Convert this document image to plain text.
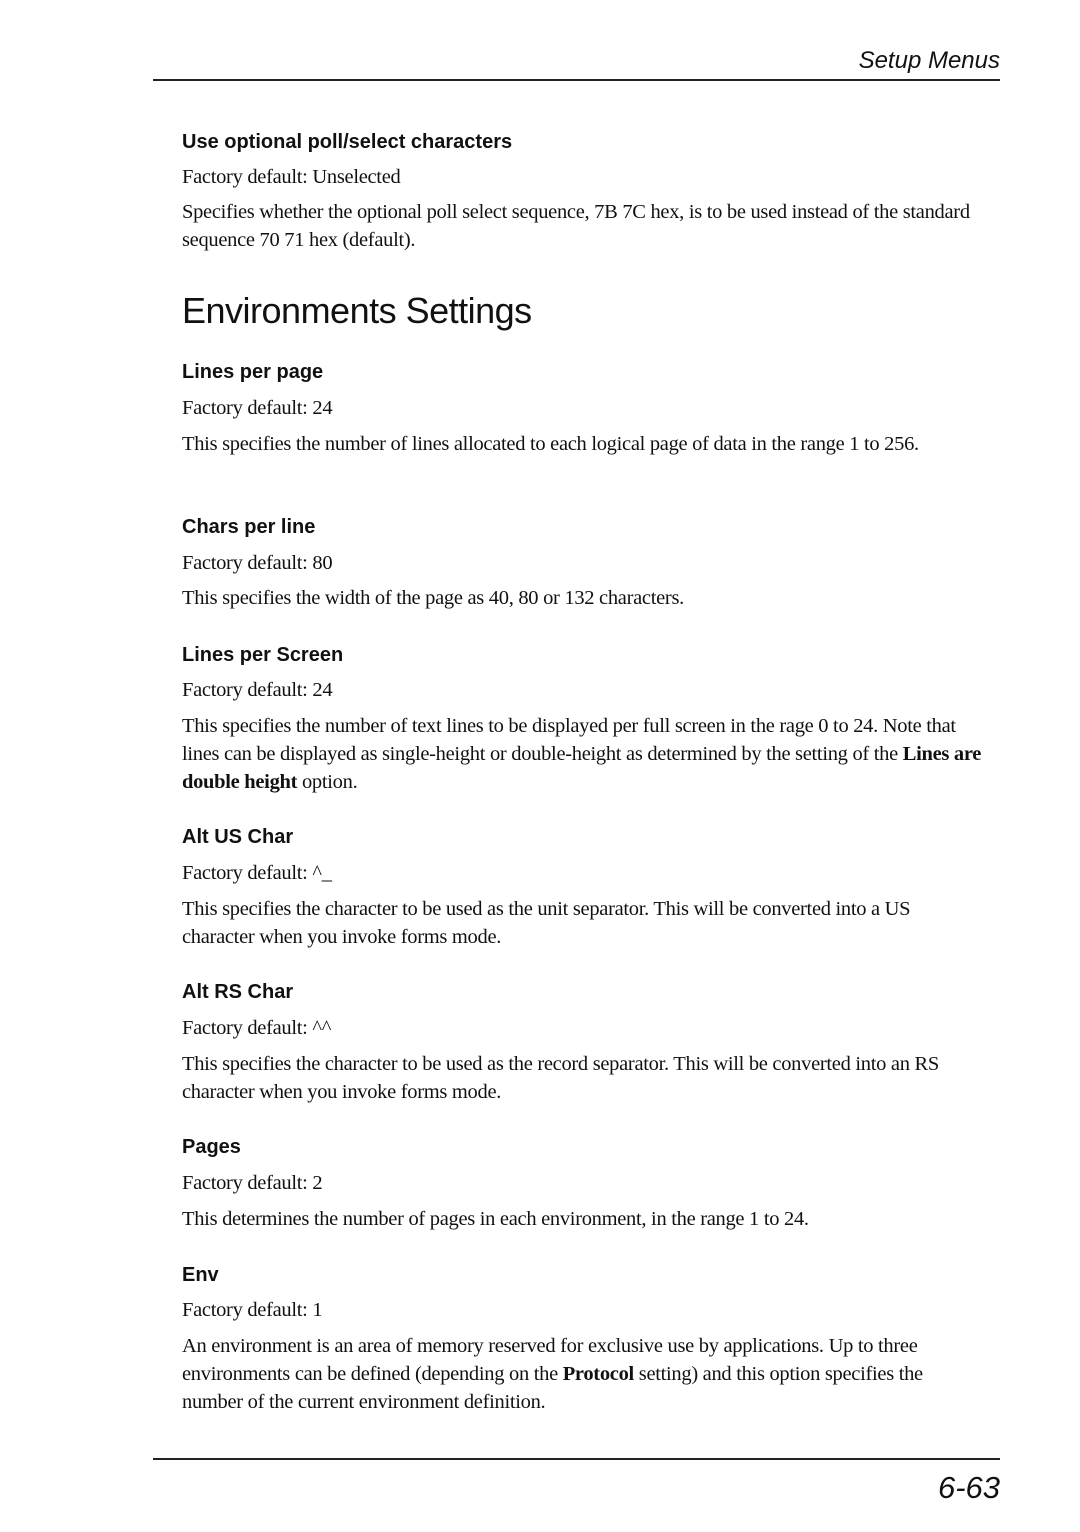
Setup Menus
Environments Settings
Use optional poll/select characters
Factory default: Unselected
Specifies whether the optional poll select sequence, 7B 7C hex, is to be used instead of the standard sequence 70 71 hex (default).
Lines per page
Factory default: 24
This specifies the number of lines allocated to each logical page of data in the range 1 to 256.
Chars per line
Factory default: 80
This specifies the width of the page as 40, 80 or 132 characters.
Lines per Screen
Factory default: 24
This specifies the number of text lines to be displayed per full screen in the rage 0 to 24. Note that lines can be displayed as single-height or double-height as determined by the setting of the Lines are double height option.
Alt US Char
Factory default: ^_
This specifies the character to be used as the unit separator. This will be converted into a US character when you invoke forms mode.
Alt RS Char
Factory default: ^^
This specifies the character to be used as the record separator. This will be converted into an RS character when you invoke forms mode.
Pages
Factory default: 2
This determines the number of pages in each environment, in the range 1 to 24.
Env
Factory default: 1
An environment is an area of memory reserved for exclusive use by applications. Up to three environments can be defined (depending on the Protocol setting) and this option specifies the number of the current environment definition.
6-63
